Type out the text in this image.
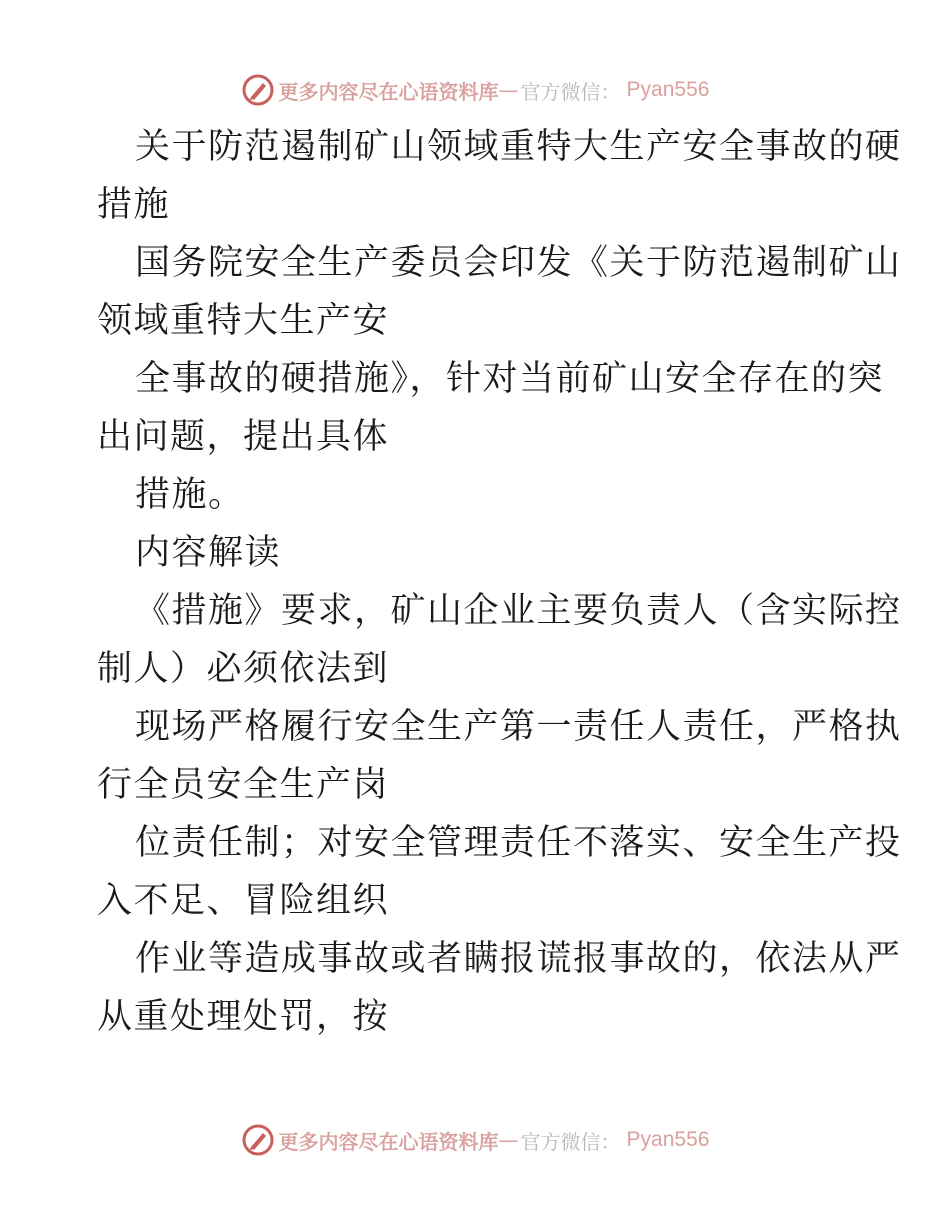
更多内容尽在心语资料库 — 官方微信： Pyan556
关于防范遏制矿山领域重特大生产安全事故的硬
措施
国务院安全生产委员会印发《关于防范遏制矿山
领域重特大生产安
全事故的硬措施》，针对当前矿山安全存在的突
出问题，提出具体
措施。
内容解读
《措施》要求，矿山企业主要负责人（含实际控
制人）必须依法到
现场严格履行安全生产第一责任人责任，严格执
行全员安全生产岗
位责任制；对安全管理责任不落实、安全生产投
入不足、冒险组织
作业等造成事故或者瞒报谎报事故的，依法从严
从重处理处罚，按
更多内容尽在心语资料库 — 官方微信： Pyan556
